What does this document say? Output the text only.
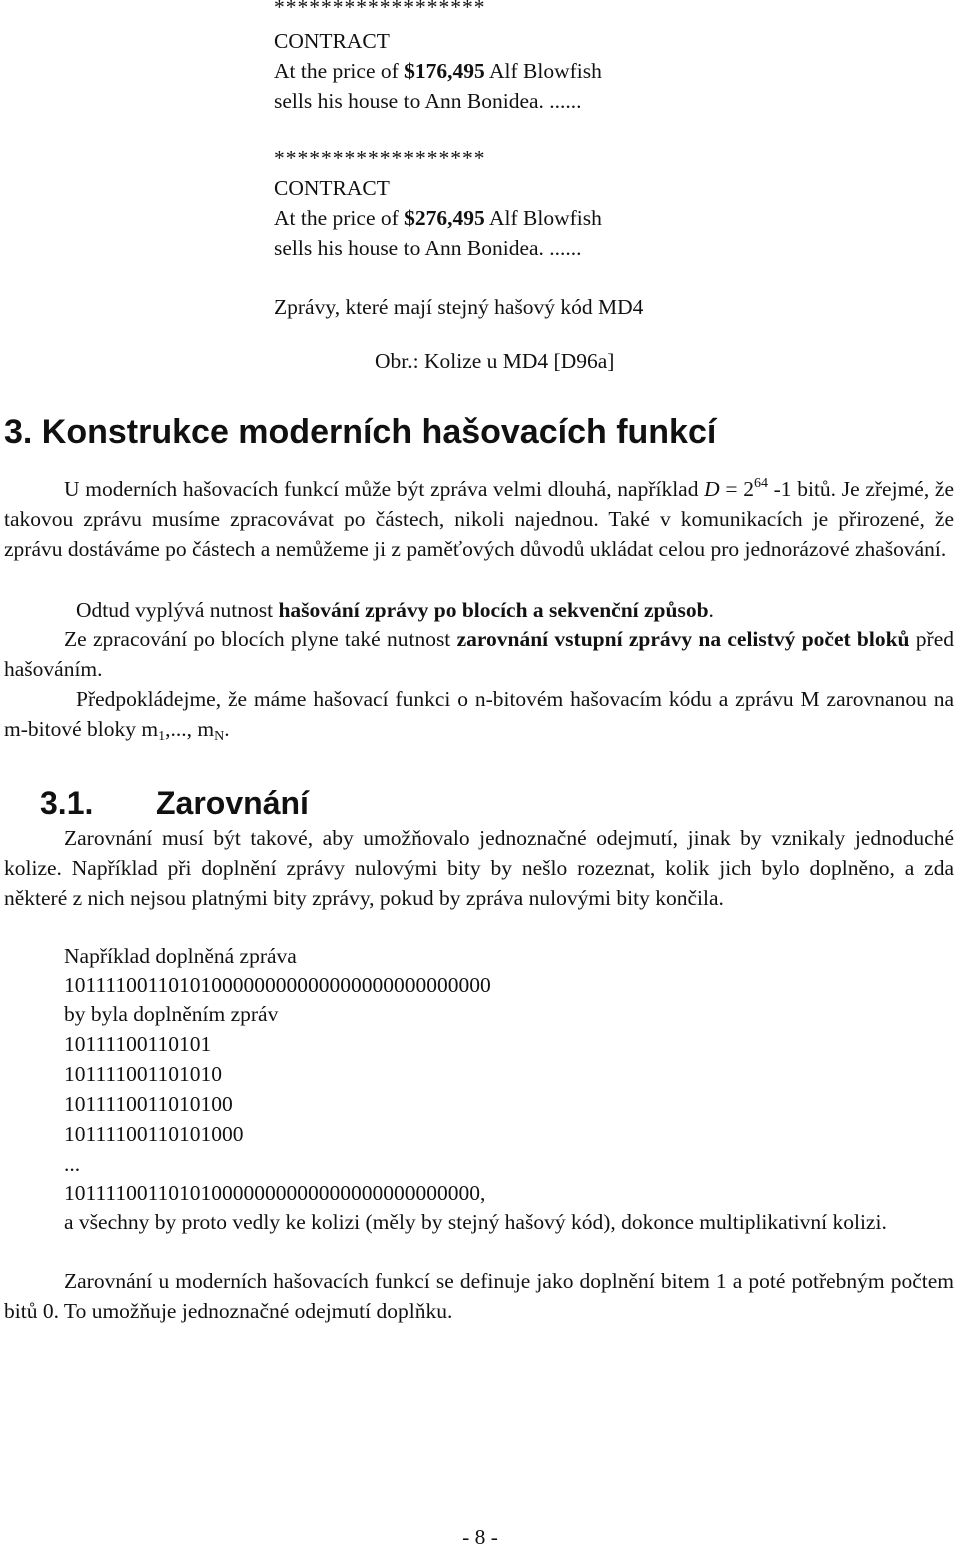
******************
CONTRACT
At the price of $176,495 Alf Blowfish
sells his house to Ann Bonidea. ......
******************
CONTRACT
At the price of $276,495 Alf Blowfish
sells his house to Ann Bonidea. ......
Zprávy, které mají stejný hašový kód MD4
Obr.: Kolize u MD4 [D96a]
3. Konstrukce moderních hašovacích funkcí

U moderních hašovacích funkcí může být zpráva velmi dlouhá, například $D = 2^{64}$ -1 bitů. Je zřejmé, že takovou zprávu musíme zpracovávat po částech, nikoli najednou. Také v komunikacích je přirozené, že zprávu dostáváme po částech a nemůžeme ji z paměťových důvodů ukládat celou pro jednorázové zhašování.

Odtud vyplývá nutnost hašování zprávy po blocích a sekvenční způsob.

Ze zpracování po blocích plyne také nutnost zarovnání vstupní zprávy na celistvý počet bloků před hašováním.

Předpokládejme, že máme hašovací funkci o n-bitovém hašovacím kódu a zprávu M zarovnanou na m-bitové bloky $m_1$,..., $m_N$.

3.1. Zarovnání

Zarovnání musí být takové, aby umožňovalo jednoznačné odejmutí, jinak by vznikaly jednoduché kolize. Například při doplnění zprávy nulovými bity by nešlo rozeznat, kolik jich bylo doplněno, a zda některé z nich nejsou platnými bity zprávy, pokud by zpráva nulovými bity končila.

Například doplněná zpráva
1011110011010100000000000000000000000000
by byla doplněním zpráv
10111100110101
101111001101010
1011110011010100
10111100110101000
...
101111001101010000000000000000000000000,

a všechny by proto vedly ke kolizi (měly by stejný hašový kód), dokonce multiplikativní kolizi.

Zarovnání u moderních hašovacích funkcí se definuje jako doplnění bitem 1 a poté potřebným počtem bitů 0. To umožňuje jednoznačné odejmutí doplňku.

- 8 -
